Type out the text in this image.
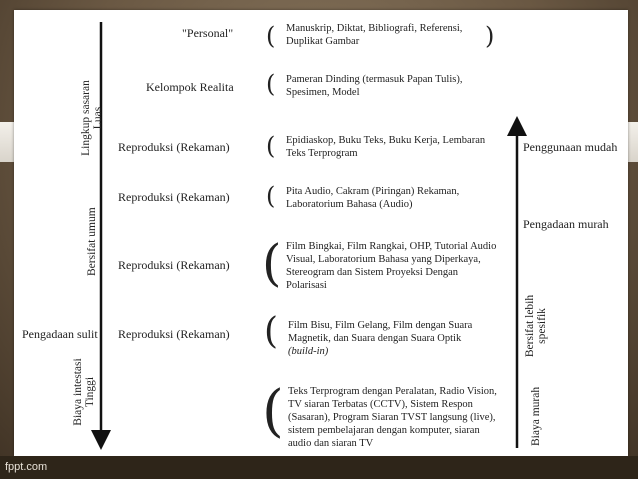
Lingkup sasaran Luas
Bersifat umum
Biaya intestasi Tinggi
Pengadaan sulit
"Personal"
Kelompok Realita
Reproduksi (Rekaman)
Reproduksi (Rekaman)
Reproduksi (Rekaman)
Reproduksi (Rekaman)
(	)
(
(
(
(
(
(
Manuskrip, Diktat, Bibliografi, Referensi, Duplikat Gambar
Pameran Dinding (termasuk Papan Tulis), Spesimen, Model
Epidiaskop, Buku Teks, Buku Kerja, Lembaran Teks Terprogram
Pita Audio, Cakram (Piringan) Rekaman, Laboratorium Bahasa (Audio)
Film Bingkai, Film Rangkai, OHP, Tutorial Audio Visual, Laboratorium Bahasa yang Diperkaya, Stereogram dan Sistem Proyeksi Dengan Polarisasi
Film Bisu, Film Gelang, Film dengan Suara Magnetik, dan Suara dengan Suara Optik (build-in)
Teks Terprogram dengan Peralatan, Radio Vision, TV siaran Terbatas (CCTV), Sistem Respon (Sasaran), Program Siaran TVST langsung (live), sistem pembelajaran dengan komputer, siaran audio dan siaran TV
Penggunaan mudah
Pengadaan murah
Bersifat lebih spesifik
Biaya murah
fppt.com
